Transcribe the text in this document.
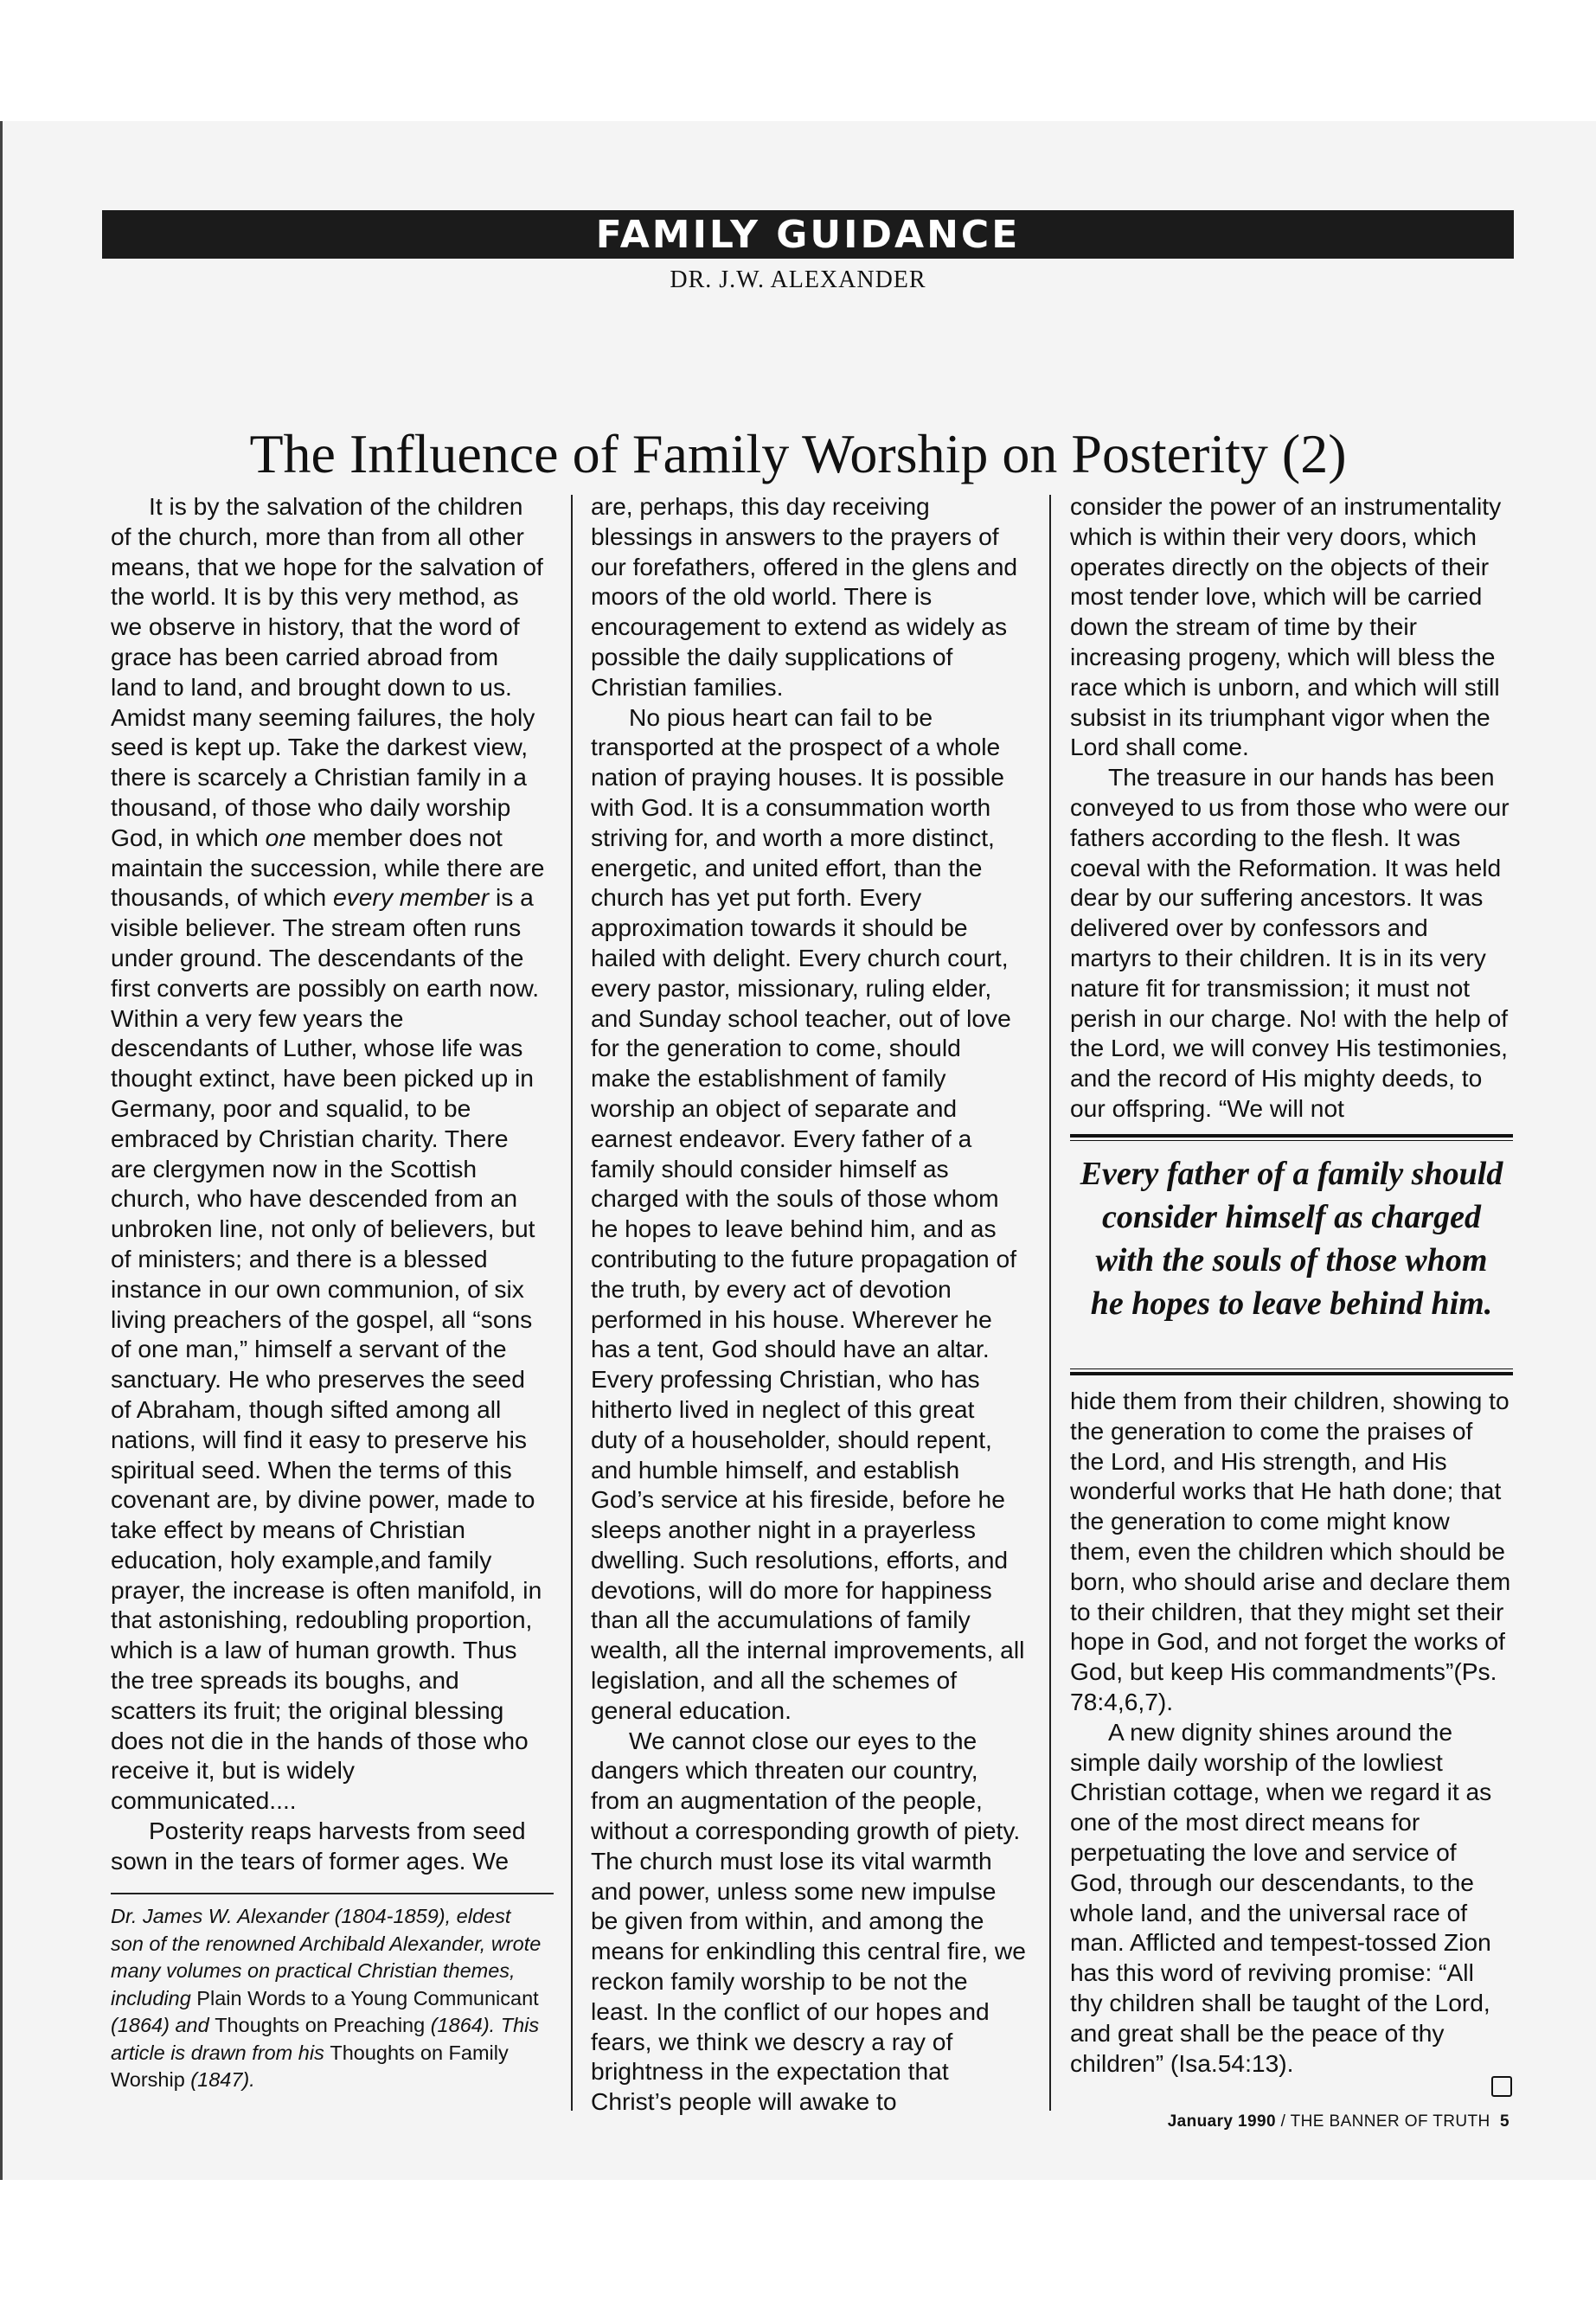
FAMILY GUIDANCE
DR. J.W. ALEXANDER
The Influence of Family Worship on Posterity (2)

It is by the salvation of the children of the church, more than from all other means, that we hope for the salvation of the world. It is by this very method, as we observe in history, that the word of grace has been carried abroad from land to land, and brought down to us. Amidst many seeming failures, the holy seed is kept up. Take the darkest view, there is scarcely a Christian family in a thousand, of those who daily worship God, in which one member does not maintain the succession, while there are thousands, of which every member is a visible believer. The stream often runs under ground. The descendants of the first converts are possibly on earth now. Within a very few years the descendants of Luther, whose life was thought extinct, have been picked up in Germany, poor and squalid, to be embraced by Christian charity. There are clergymen now in the Scottish church, who have descended from an unbroken line, not only of believers, but of ministers; and there is a blessed instance in our own communion, of six living preachers of the gospel, all “sons of one man,” himself a servant of the sanctuary. He who preserves the seed of Abraham, though sifted among all nations, will find it easy to preserve his spiritual seed. When the terms of this covenant are, by divine power, made to take effect by means of Christian education, holy example,and family prayer, the increase is often manifold, in that astonishing, redoubling proportion, which is a law of human growth. Thus the tree spreads its boughs, and scatters its fruit; the original blessing does not die in the hands of those who receive it, but is widely communicated....

Posterity reaps harvests from seed sown in the tears of former ages. We

Dr. James W. Alexander (1804-1859), eldest son of the renowned Archibald Alexander, wrote many volumes on practical Christian themes, including Plain Words to a Young Communicant (1864) and Thoughts on Preaching (1864). This article is drawn from his Thoughts on Family Worship (1847).

are, perhaps, this day receiving blessings in answers to the prayers of our forefathers, offered in the glens and moors of the old world. There is encouragement to extend as widely as possible the daily supplications of Christian families.

No pious heart can fail to be transported at the prospect of a whole nation of praying houses. It is possible with God. It is a consummation worth striving for, and worth a more distinct, energetic, and united effort, than the church has yet put forth. Every approximation towards it should be hailed with delight. Every church court, every pastor, missionary, ruling elder, and Sunday school teacher, out of love for the generation to come, should make the establishment of family worship an object of separate and earnest endeavor. Every father of a family should consider himself as charged with the souls of those whom he hopes to leave behind him, and as contributing to the future propagation of the truth, by every act of devotion performed in his house. Wherever he has a tent, God should have an altar. Every professing Christian, who has hitherto lived in neglect of this great duty of a householder, should repent, and humble himself, and establish God’s service at his fireside, before he sleeps another night in a prayerless dwelling. Such resolutions, efforts, and devotions, will do more for happiness than all the accumulations of family wealth, all the internal improvements, all legislation, and all the schemes of general education.

We cannot close our eyes to the dangers which threaten our country, from an augmentation of the people, without a corresponding growth of piety. The church must lose its vital warmth and power, unless some new impulse be given from within, and among the means for enkindling this central fire, we reckon family worship to be not the least. In the conflict of our hopes and fears, we think we descry a ray of brightness in the expectation that Christ’s people will awake to

consider the power of an instrumentality which is within their very doors, which operates directly on the objects of their most tender love, which will be carried down the stream of time by their increasing progeny, which will bless the race which is unborn, and which will still subsist in its triumphant vigor when the Lord shall come.

The treasure in our hands has been conveyed to us from those who were our fathers according to the flesh. It was coeval with the Reformation. It was held dear by our suffering ancestors. It was delivered over by confessors and martyrs to their children. It is in its very nature fit for transmission; it must not perish in our charge. No! with the help of the Lord, we will convey His testimonies, and the record of His mighty deeds, to our offspring. “We will not

Every father of a family should consider himself as charged with the souls of those whom he hopes to leave behind him.

hide them from their children, showing to the generation to come the praises of the Lord, and His strength, and His wonderful works that He hath done; that the generation to come might know them, even the children which should be born, who should arise and declare them to their children, that they might set their hope in God, and not forget the works of God, but keep His commandments”(Ps. 78:4,6,7).

A new dignity shines around the simple daily worship of the lowliest Christian cottage, when we regard it as one of the most direct means for perpetuating the love and service of God, through our descendants, to the whole land, and the universal race of man. Afflicted and tempest-tossed Zion has this word of reviving promise: “All thy children shall be taught of the Lord, and great shall be the peace of thy children” (Isa.54:13).

January 1990 / THE BANNER OF TRUTH 5
